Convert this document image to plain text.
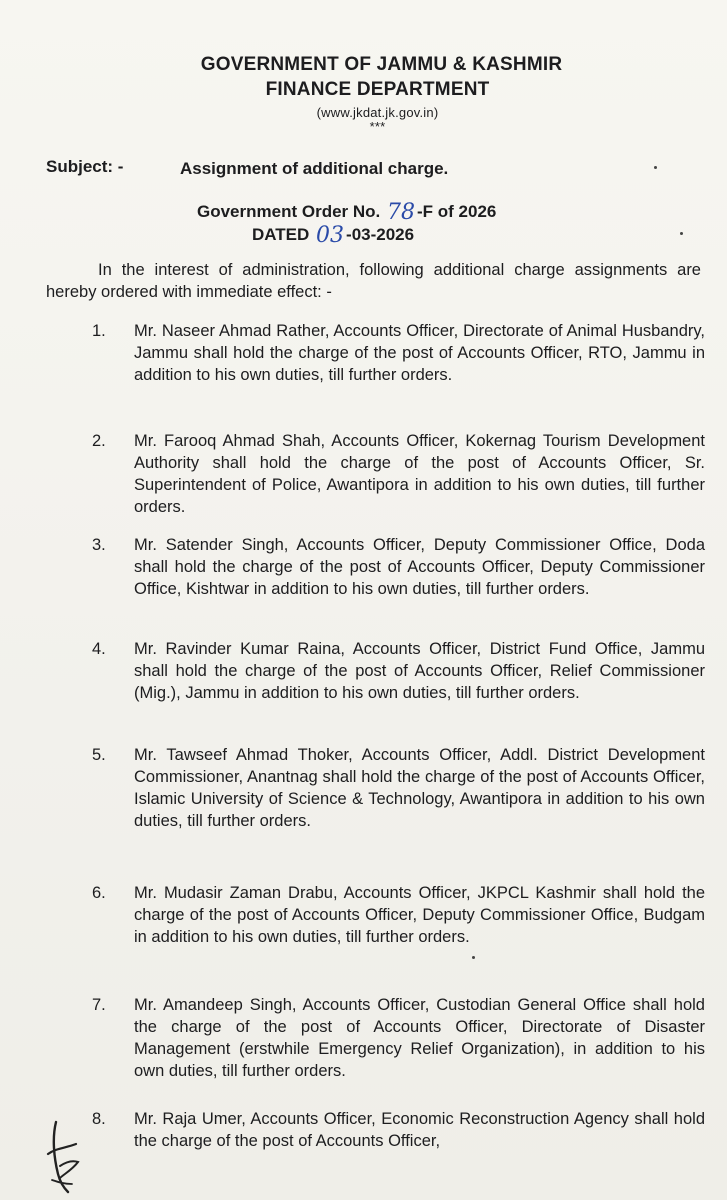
GOVERNMENT OF JAMMU & KASHMIR
FINANCE DEPARTMENT
(www.jkdat.jk.gov.in)
***
Subject: -	Assignment of additional charge.
Government Order No. 78 -F of 2026
DATED 03 -03-2026
In the interest of administration, following additional charge assignments are hereby ordered with immediate effect: -
1.	Mr. Naseer Ahmad Rather, Accounts Officer, Directorate of Animal Husbandry, Jammu shall hold the charge of the post of Accounts Officer, RTO, Jammu in addition to his own duties, till further orders.
2.	Mr. Farooq Ahmad Shah, Accounts Officer, Kokernag Tourism Development Authority shall hold the charge of the post of Accounts Officer, Sr. Superintendent of Police, Awantipora in addition to his own duties, till further orders.
3.	Mr. Satender Singh, Accounts Officer, Deputy Commissioner Office, Doda shall hold the charge of the post of Accounts Officer, Deputy Commissioner Office, Kishtwar in addition to his own duties, till further orders.
4.	Mr. Ravinder Kumar Raina, Accounts Officer, District Fund Office, Jammu shall hold the charge of the post of Accounts Officer, Relief Commissioner (Mig.), Jammu in addition to his own duties, till further orders.
5.	Mr. Tawseef Ahmad Thoker, Accounts Officer, Addl. District Development Commissioner, Anantnag shall hold the charge of the post of Accounts Officer, Islamic University of Science & Technology, Awantipora in addition to his own duties, till further orders.
6.	Mr. Mudasir Zaman Drabu, Accounts Officer, JKPCL Kashmir shall hold the charge of the post of Accounts Officer, Deputy Commissioner Office, Budgam in addition to his own duties, till further orders.
7.	Mr. Amandeep Singh, Accounts Officer, Custodian General Office shall hold the charge of the post of Accounts Officer, Directorate of Disaster Management (erstwhile Emergency Relief Organization), in addition to his own duties, till further orders.
8.	Mr. Raja Umer, Accounts Officer, Economic Reconstruction Agency shall hold the charge of the post of Accounts Officer,
